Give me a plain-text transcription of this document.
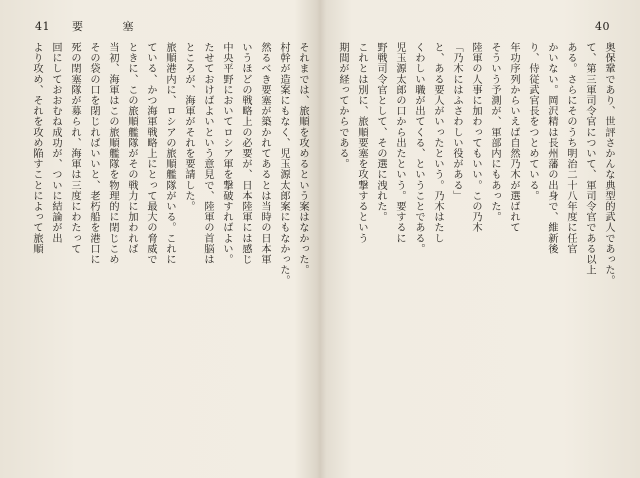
41 要 塞
それまでは、旅順を攻めるという案はなかった。
村幹が造案にもなく、児玉源太郎案にもなかった。
然るべき要塞が築かれてあるとは当時の日本軍
いうほどの戦略上の必要が、日本陸軍には感じ
中央平野においてロシア軍を撃破すればよい。
たせておけばよいという意見で、陸軍の首脳は
ところが、海軍がそれを要請した。
旅順港内に、ロシアの旅順艦隊がいる。これに
ている、かつ海軍戦略上にとって最大の脅威で
ときに、この旅順艦隊がその戦力に加われば
当初、海軍はこの旅順艦隊を物理的に閉じこめ
その袋の口を閉じればいいと、老朽船を港口に
死の閉塞隊が募られ、海軍は三度にわたって
回にしておおむね成功が、ついに結論が出
より攻め、それを攻め陥すことによって旅順
40
奥保鞏であり、世評さかんな典型的武人であった。
て、第三軍司令官について、軍司令官である以上
ある。さらにそのうち明治二十八年度に任官
かいない。岡沢精は長州藩の出身で、維新後
り、侍従武官長をつとめている。
年功序列からいえば自然乃木が選ばれて
そういう予測が、軍部内にもあった。
陸軍の人事に加わってもいい。この乃木
「乃木にはふさわしい役がある」
と、ある要人がいったという。乃木はたし
くわしい職が出てくる、ということである。
児玉源太郎の口から出たという。要するに
野戦司令官として、その選に洩れた。
これとは別に、旅順要塞を攻撃するという
期間が経ってからである。
